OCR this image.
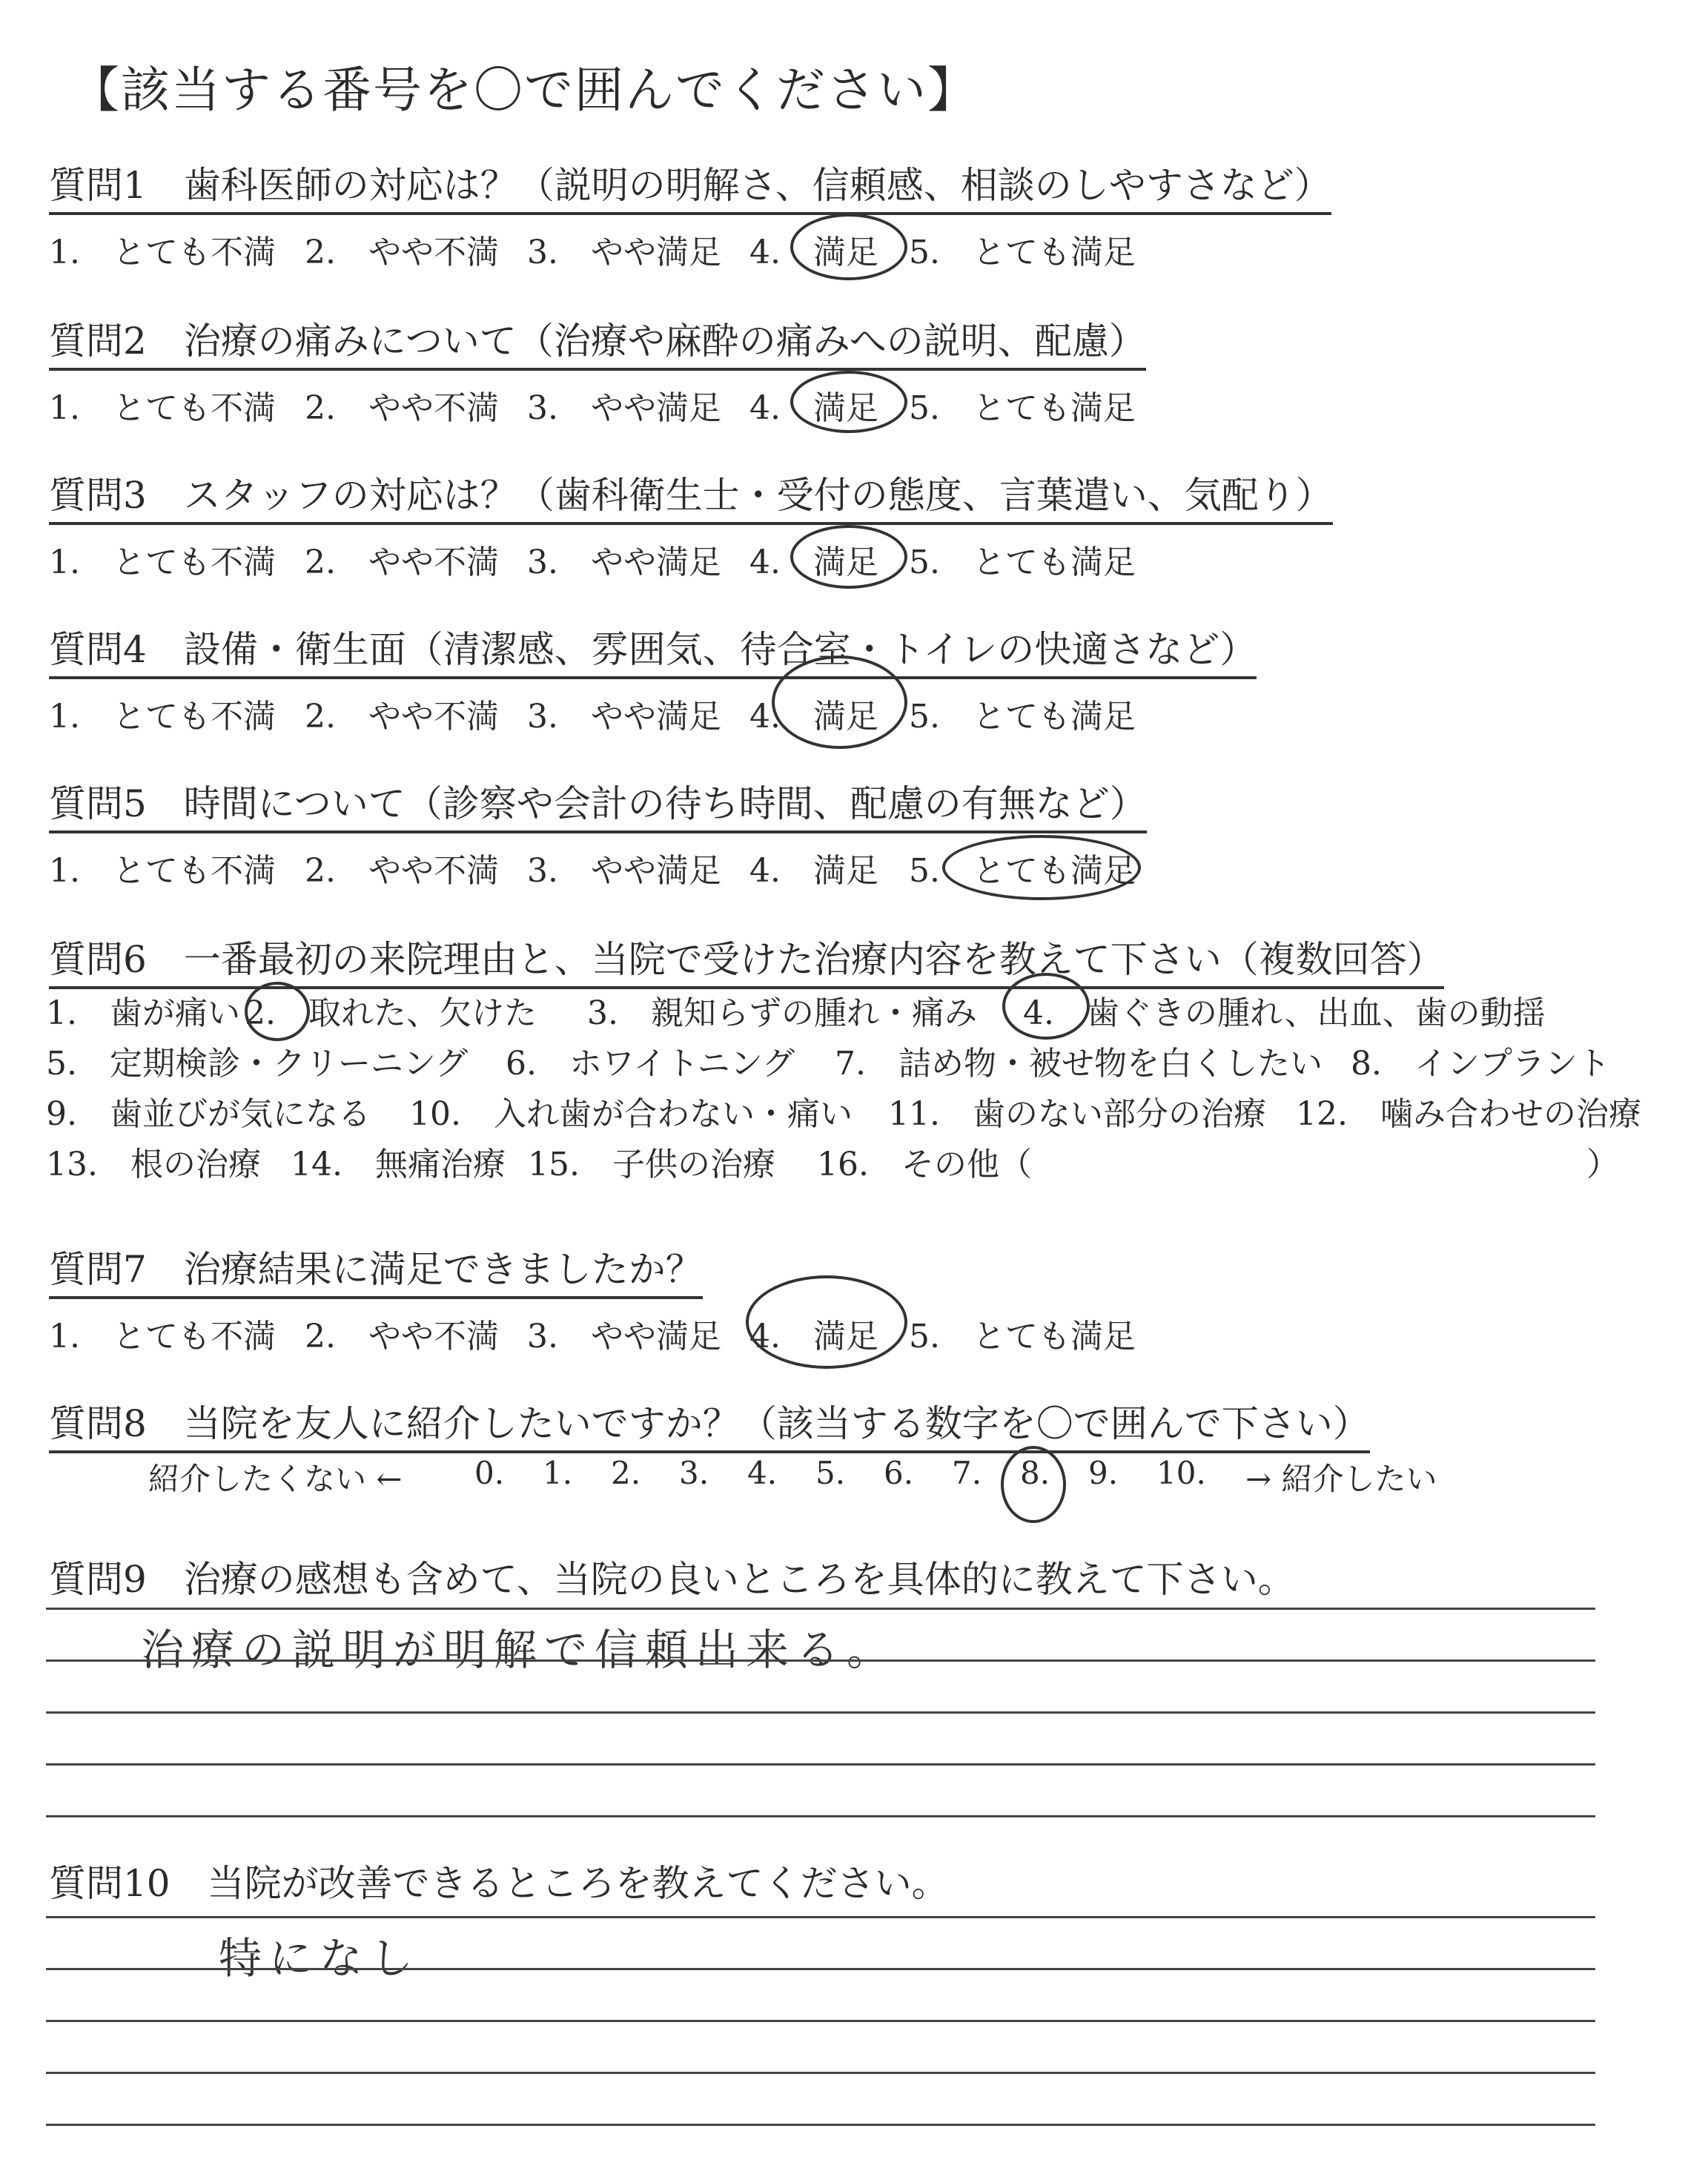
【該当する番号を〇で囲んでください】
質問1　歯科医師の対応は？（説明の明解さ、信頼感、相談のしやすさなど）
1.　とても不満 2.　やや不満 3.　やや満足 4.　満足 5.　とても満足
質問2　治療の痛みについて（治療や麻酔の痛みへの説明、配慮）
1.　とても不満 2.　やや不満 3.　やや満足 4.　満足 5.　とても満足
質問3　スタッフの対応は？（歯科衛生士・受付の態度、言葉遣い、気配り）
1.　とても不満 2.　やや不満 3.　やや満足 4.　満足 5.　とても満足
質問4　設備・衛生面（清潔感、雰囲気、待合室・トイレの快適さなど）
1.　とても不満 2.　やや不満 3.　やや満足 4.　満足 5.　とても満足
質問5　時間について（診察や会計の待ち時間、配慮の有無など）
1.　とても不満 2.　やや不満 3.　やや満足 4.　満足 5.　とても満足
質問6　一番最初の来院理由と、当院で受けた治療内容を教えて下さい（複数回答）
1.　歯が痛い 2.　取れた、欠けた 3.　親知らずの腫れ・痛み 4.　歯ぐきの腫れ、出血、歯の動揺
5.　定期検診・クリーニング 6.　ホワイトニング 7.　詰め物・被せ物を白くしたい 8.　インプラント
9.　歯並びが気になる 10.　入れ歯が合わない・痛い 11.　歯のない部分の治療 12.　噛み合わせの治療
13.　根の治療 14.　無痛治療 15.　子供の治療 16.　その他（	）
質問7　治療結果に満足できましたか？
1.　とても不満 2.　やや不満 3.　やや満足 4.　満足 5.　とても満足
質問8　当院を友人に紹介したいですか？（該当する数字を〇で囲んで下さい）
紹介したくない ← 0. 1. 2. 3. 4. 5. 6. 7. 8. 9. 10. → 紹介したい
質問9　治療の感想も含めて、当院の良いところを具体的に教えて下さい。
治療の説明が明解で信頼出来る。
質問10　当院が改善できるところを教えてください。
特になし
